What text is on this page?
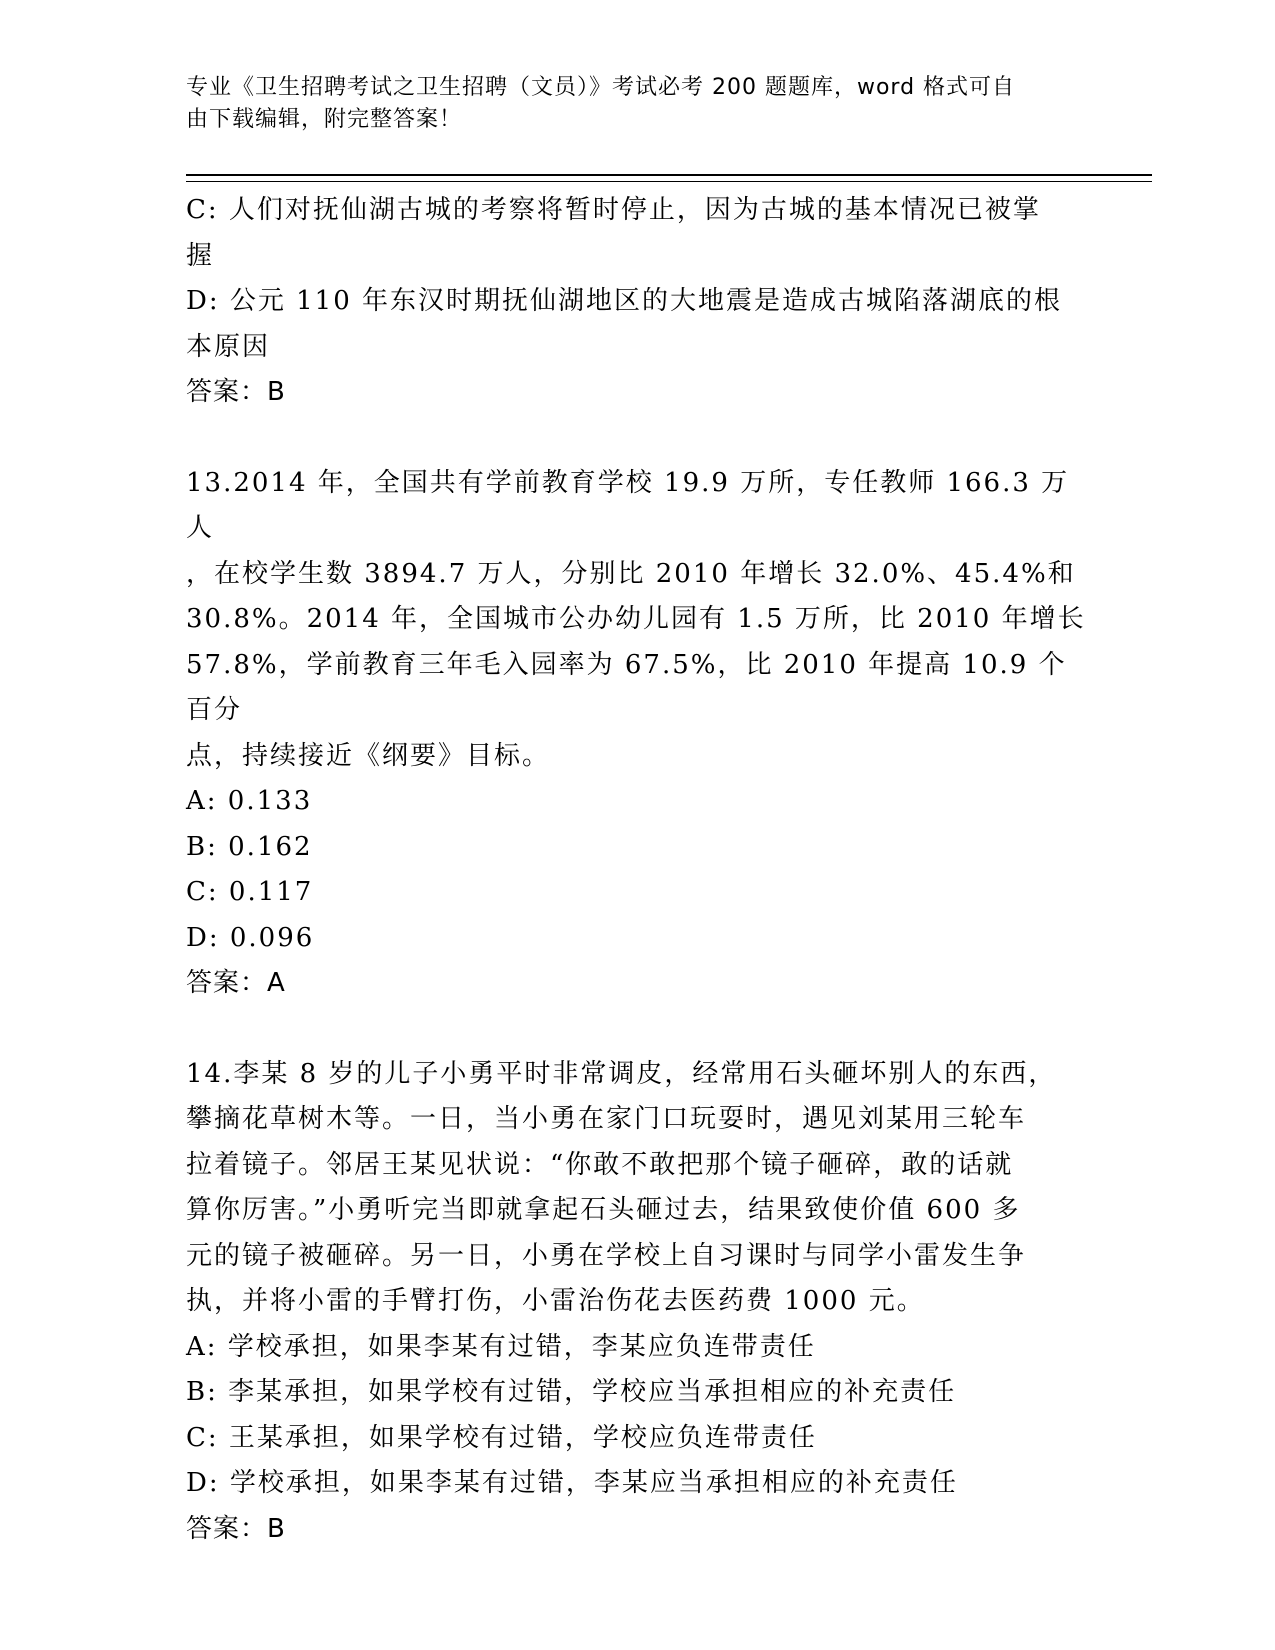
专业《卫生招聘考试之卫生招聘（文员）》考试必考 200 题题库，word 格式可自
由下载编辑，附完整答案！

C: 人们对抚仙湖古城的考察将暂时停止，因为古城的基本情况已被掌

握

D: 公元 110 年东汉时期抚仙湖地区的大地震是造成古城陷落湖底的根

本原因

答案：B

13.2014 年，全国共有学前教育学校 19.9 万所，专任教师 166.3 万人

，在校学生数 3894.7 万人，分别比 2010 年增长 32.0%、45.4%和

30.8%。2014 年，全国城市公办幼儿园有 1.5 万所，比 2010 年增长

57.8%，学前教育三年毛入园率为 67.5%，比 2010 年提高 10.9 个百分

点，持续接近《纲要》目标。

A: 0.133

B: 0.162

C: 0.117

D: 0.096

答案：A

14.李某 8 岁的儿子小勇平时非常调皮，经常用石头砸坏别人的东西，

攀摘花草树木等。一日，当小勇在家门口玩耍时，遇见刘某用三轮车

拉着镜子。邻居王某见状说：“你敢不敢把那个镜子砸碎，敢的话就

算你厉害。”小勇听完当即就拿起石头砸过去，结果致使价值 600 多

元的镜子被砸碎。另一日，小勇在学校上自习课时与同学小雷发生争

执，并将小雷的手臂打伤，小雷治伤花去医药费 1000 元。

A: 学校承担，如果李某有过错，李某应负连带责任

B: 李某承担，如果学校有过错，学校应当承担相应的补充责任

C: 王某承担，如果学校有过错，学校应负连带责任

D: 学校承担，如果李某有过错，李某应当承担相应的补充责任

答案：B
